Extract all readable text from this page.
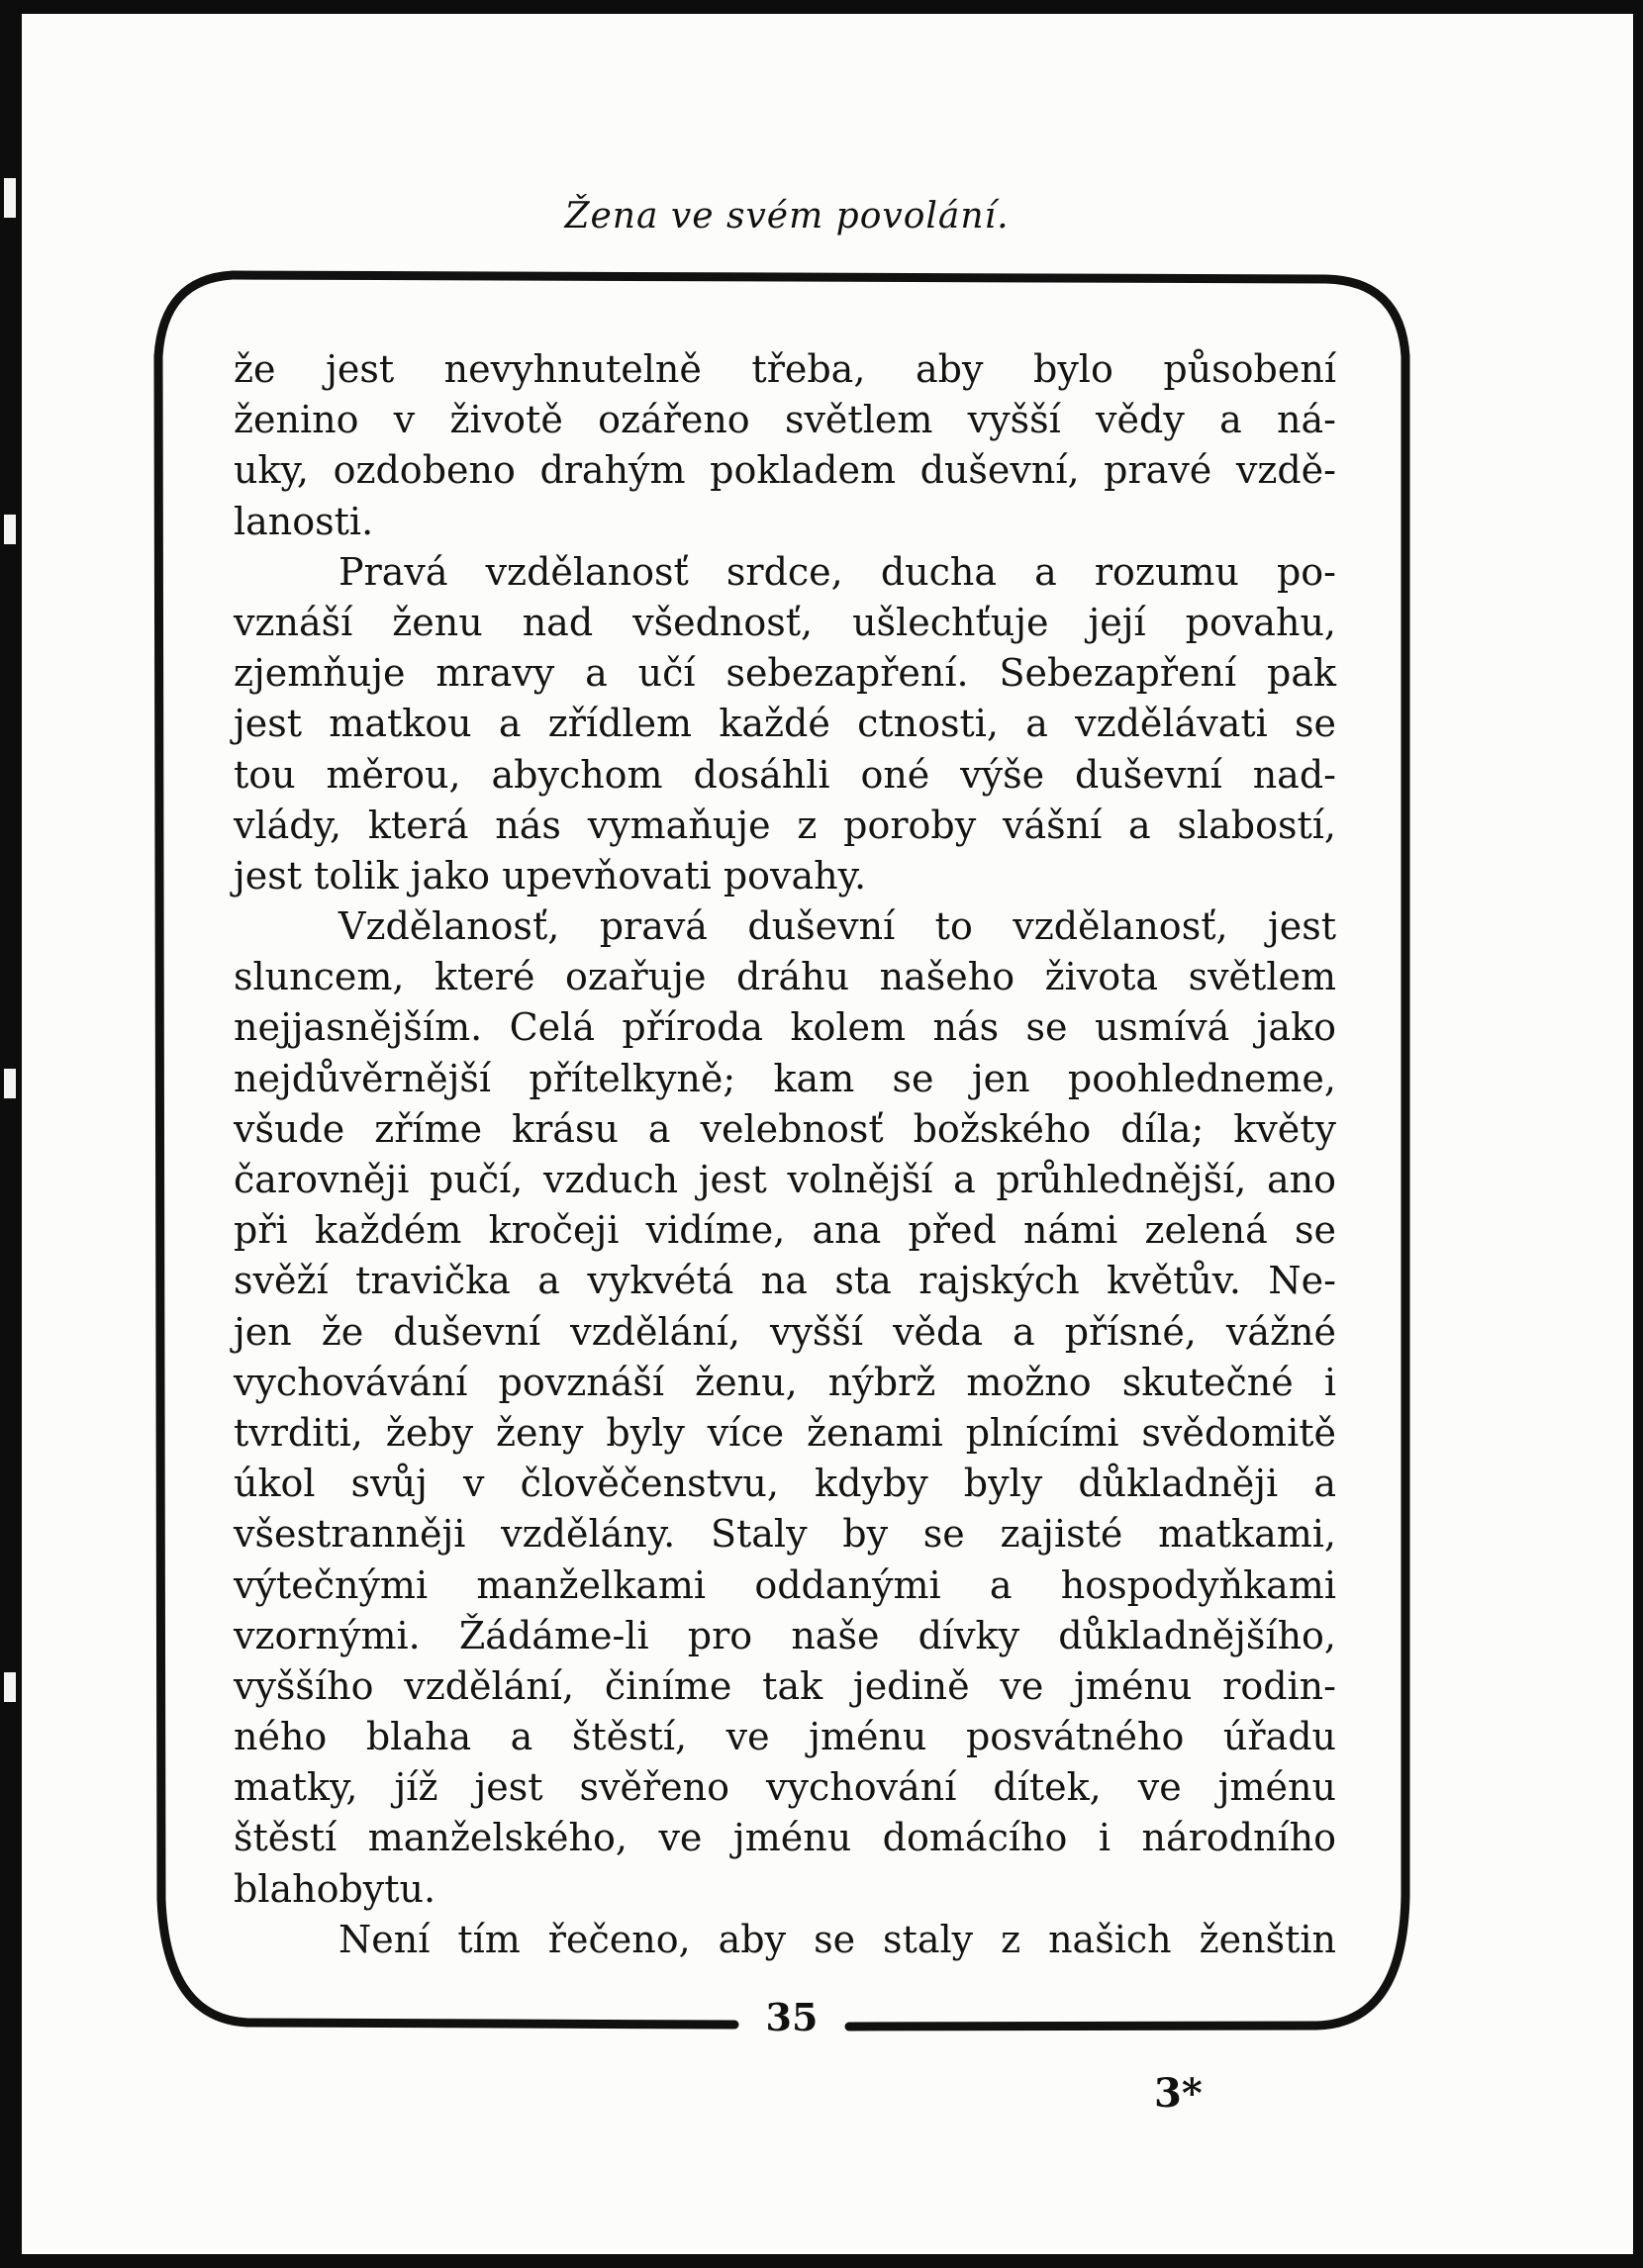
Žena ve svém povolání.
že jest nevyhnutelně třeba, aby bylo působení
ženino v životě ozářeno světlem vyšší vědy a ná-
uky, ozdobeno drahým pokladem duševní, pravé vzdě-
lanosti.
Pravá vzdělanosť srdce, ducha a rozumu po-
vznáší ženu nad všednosť, ušlechťuje její povahu,
zjemňuje mravy a učí sebezapření. Sebezapření pak
jest matkou a zřídlem každé ctnosti, a vzdělávati se
tou měrou, abychom dosáhli oné výše duševní nad-
vlády, která nás vymaňuje z poroby vášní a slabostí,
jest tolik jako upevňovati povahy.
Vzdělanosť, pravá duševní to vzdělanosť, jest
sluncem, které ozařuje dráhu našeho života světlem
nejjasnějším. Celá příroda kolem nás se usmívá jako
nejdůvěrnější přítelkyně; kam se jen poohledneme,
všude zříme krásu a velebnosť božského díla; květy
čarovněji pučí, vzduch jest volnější a průhlednější, ano
při každém kročeji vidíme, ana před námi zelená se
svěží travička a vykvétá na sta rajských květův. Ne-
jen že duševní vzdělání, vyšší věda a přísné, vážné
vychovávání povznáší ženu, nýbrž možno skutečné i
tvrditi, žeby ženy byly více ženami plnícími svědomitě
úkol svůj v člověčenstvu, kdyby byly důkladněji a
všestranněji vzdělány. Staly by se zajisté matkami,
výtečnými manželkami oddanými a hospodyňkami
vzornými. Žádáme-li pro naše dívky důkladnějšího,
vyššího vzdělání, činíme tak jedině ve jménu rodin-
ného blaha a štěstí, ve jménu posvátného úřadu
matky, jíž jest svěřeno vychování dítek, ve jménu
štěstí manželského, ve jménu domácího i národního
blahobytu.
Není tím řečeno, aby se staly z našich ženštin
35
3*
